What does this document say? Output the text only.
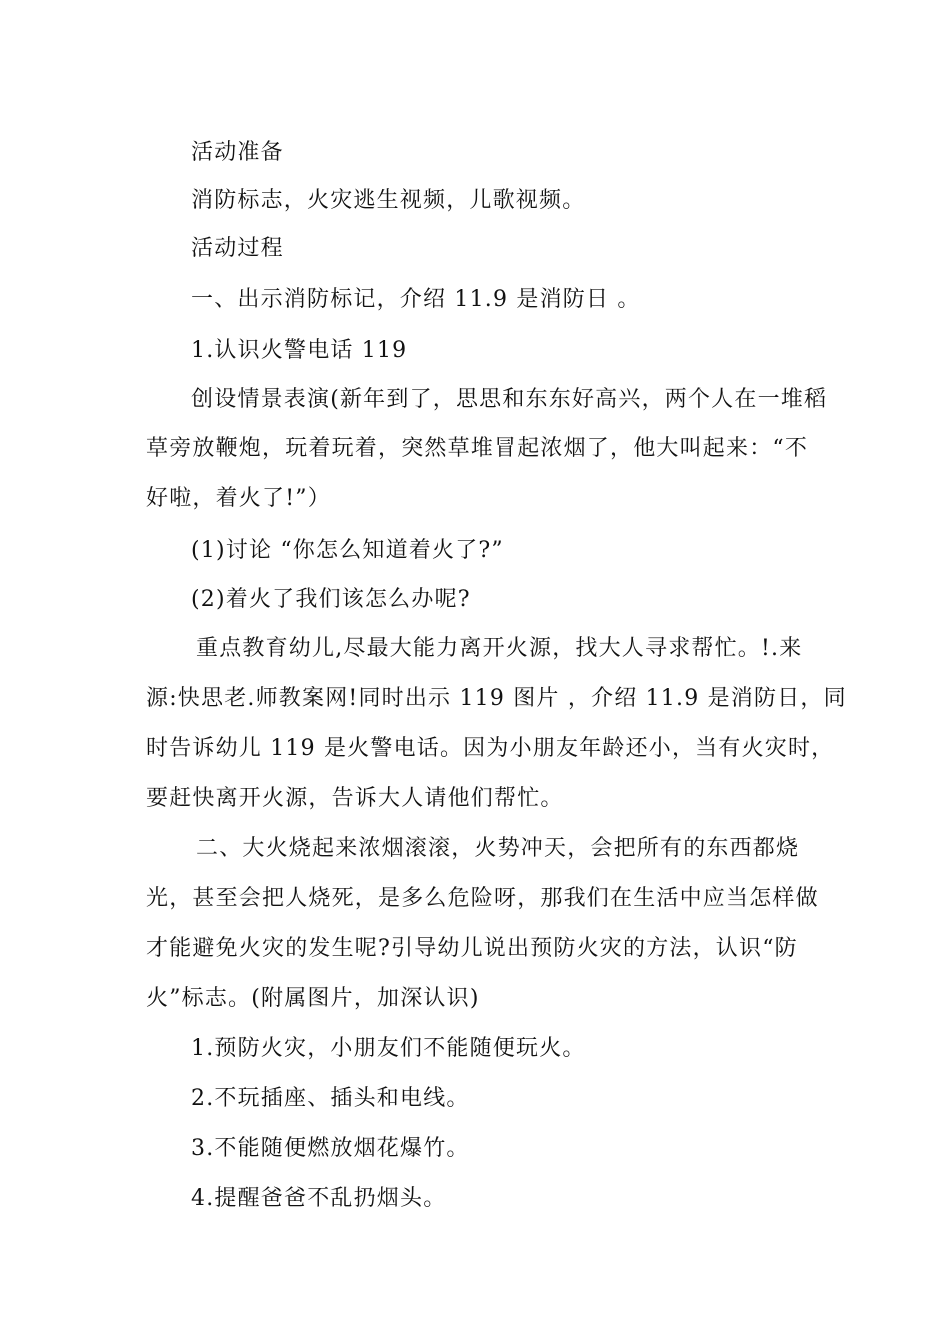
活动准备
消防标志，火灾逃生视频，儿歌视频。
活动过程
一、出示消防标记，介绍 11.9 是消防日 。
1.认识火警电话 119
创设情景表演(新年到了，思思和东东好高兴，两个人在一堆稻
草旁放鞭炮，玩着玩着，突然草堆冒起浓烟了，他大叫起来：“不
好啦，着火了!”）
(1)讨论 “你怎么知道着火了?”
(2)着火了我们该怎么办呢?
重点教育幼儿,尽最大能力离开火源，找大人寻求帮忙。!.来
源:快思老.师教案网!同时出示 119 图片 ，介绍 11.9 是消防日，同
时告诉幼儿 119 是火警电话。因为小朋友年龄还小，当有火灾时，
要赶快离开火源，告诉大人请他们帮忙。
二、大火烧起来浓烟滚滚，火势冲天，会把所有的东西都烧
光，甚至会把人烧死，是多么危险呀，那我们在生活中应当怎样做
才能避免火灾的发生呢?引导幼儿说出预防火灾的方法，认识“防
火”标志。(附属图片，加深认识)
1.预防火灾，小朋友们不能随便玩火。
2.不玩插座、插头和电线。
3.不能随便燃放烟花爆竹。
4.提醒爸爸不乱扔烟头。
